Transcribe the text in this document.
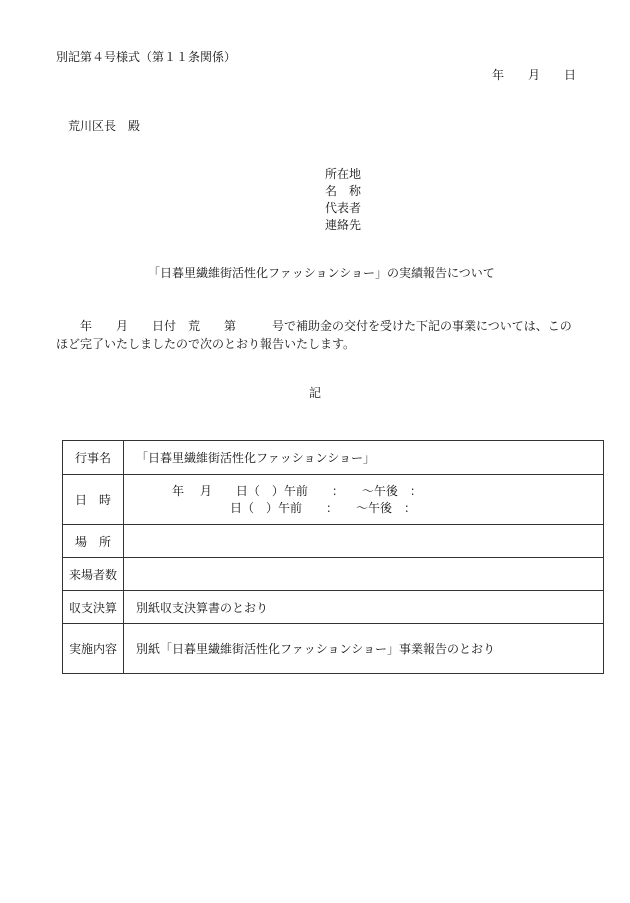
別記第４号様式（第１１条関係）
年　　月　　日
荒川区長　殿
所在地
名　称
代表者
連絡先
「日暮里繊維街活性化ファッションショー」の実績報告について
　　年　　月　　日付　荒　　第　　　号で補助金の交付を受けた下記の事業については、このほど完了いたしましたので次のとおり報告いたします。
記
行事名	「日暮里繊維街活性化ファッションショー」
日　時	年　 月　　日（　）午前　　：　　～午後　：
日（　）午前　　：　　～午後　：

場　所	
来場者数	
収支決算	別紙収支決算書のとおり
実施内容	別紙「日暮里繊維街活性化ファッションショー」事業報告のとおり
